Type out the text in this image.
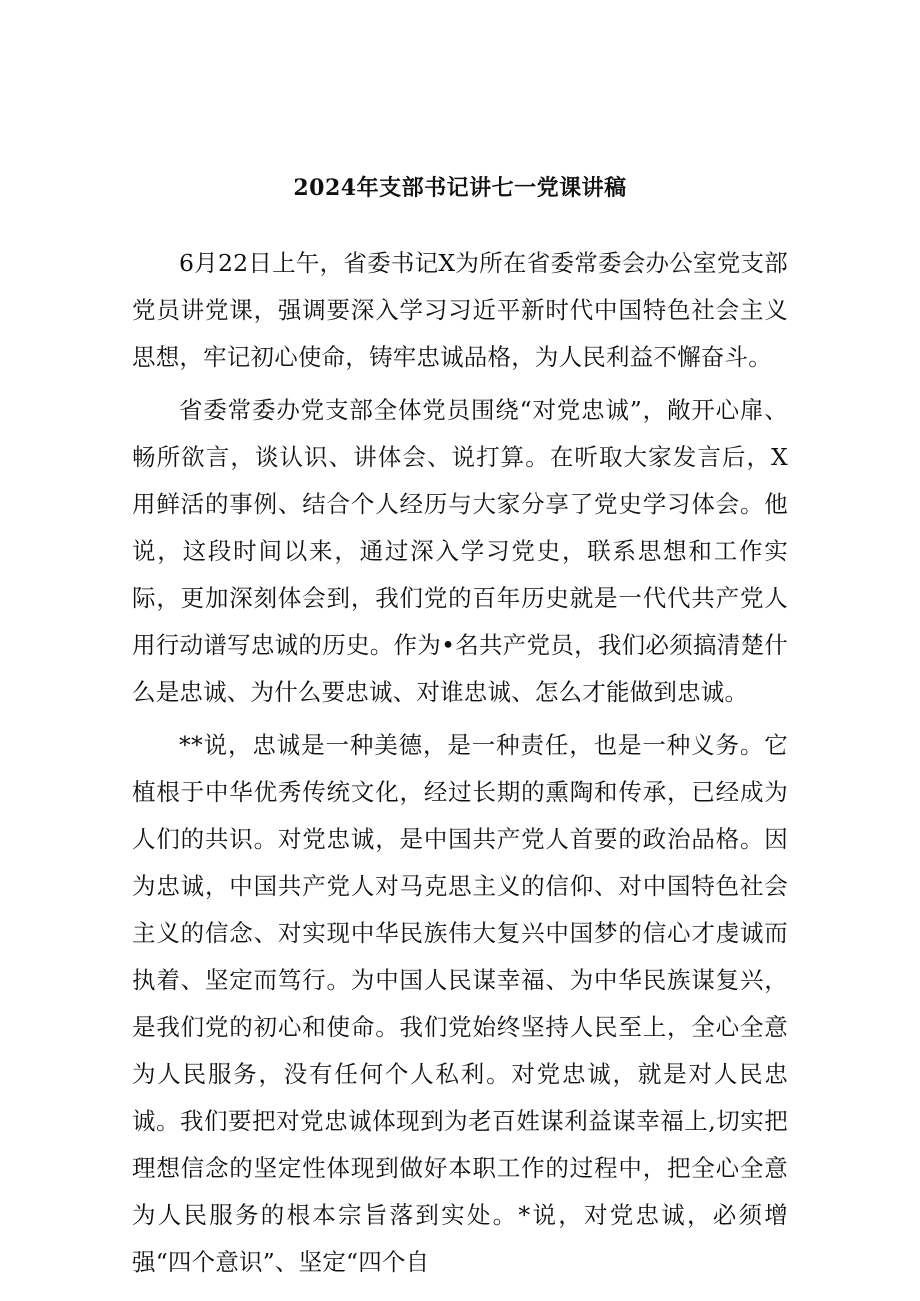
2024年支部书记讲七一党课讲稿

6月22日上午，省委书记X为所在省委常委会办公室党支部党员讲党课，强调要深入学习习近平新时代中国特色社会主义思想，牢记初心使命，铸牢忠诚品格，为人民利益不懈奋斗。

省委常委办党支部全体党员围绕“对党忠诚”，敞开心扉、畅所欲言，谈认识、讲体会、说打算。在听取大家发言后，X用鲜活的事例、结合个人经历与大家分享了党史学习体会。他说，这段时间以来，通过深入学习党史，联系思想和工作实际，更加深刻体会到，我们党的百年历史就是一代代共产党人用行动谱写忠诚的历史。作为•名共产党员，我们必须搞清楚什么是忠诚、为什么要忠诚、对谁忠诚、怎么才能做到忠诚。

**说，忠诚是一种美德，是一种责任，也是一种义务。它植根于中华优秀传统文化，经过长期的熏陶和传承，已经成为人们的共识。对党忠诚，是中国共产党人首要的政治品格。因为忠诚，中国共产党人对马克思主义的信仰、对中国特色社会主义的信念、对实现中华民族伟大复兴中国梦的信心才虔诚而执着、坚定而笃行。为中国人民谋幸福、为中华民族谋复兴，是我们党的初心和使命。我们党始终坚持人民至上，全心全意为人民服务，没有任何个人私利。对党忠诚，就是对人民忠诚。我们要把对党忠诚体现到为老百姓谋利益谋幸福上,切实把理想信念的坚定性体现到做好本职工作的过程中，把全心全意为人民服务的根本宗旨落到实处。*说，对党忠诚，必须增强“四个意识”、坚定“四个自
